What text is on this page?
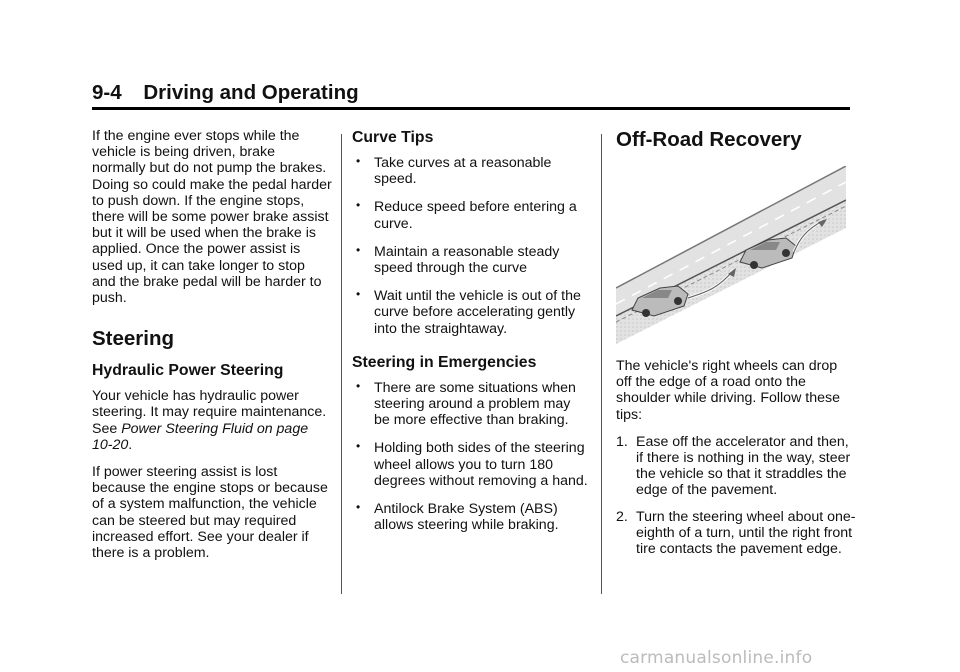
9-4 Driving and Operating

If the engine ever stops while the vehicle is being driven, brake normally but do not pump the brakes. Doing so could make the pedal harder to push down. If the engine stops, there will be some power brake assist but it will be used when the brake is applied. Once the power assist is used up, it can take longer to stop and the brake pedal will be harder to push.

Steering
Hydraulic Power Steering

Your vehicle has hydraulic power steering. It may require maintenance. See Power Steering Fluid on page 10-20.

If power steering assist is lost because the engine stops or because of a system malfunction, the vehicle can be steered but may required increased effort. See your dealer if there is a problem.

Curve Tips
• Take curves at a reasonable speed.
• Reduce speed before entering a curve.
• Maintain a reasonable steady speed through the curve
• Wait until the vehicle is out of the curve before accelerating gently into the straightaway.
Steering in Emergencies
• There are some situations when steering around a problem may be more effective than braking.
• Holding both sides of the steering wheel allows you to turn 180 degrees without removing a hand.
• Antilock Brake System (ABS) allows steering while braking.
Off-Road Recovery

The vehicle's right wheels can drop off the edge of a road onto the shoulder while driving. Follow these tips:

1. Ease off the accelerator and then, if there is nothing in the way, steer the vehicle so that it straddles the edge of the pavement.
2. Turn the steering wheel about one-eighth of a turn, until the right front tire contacts the pavement edge.
carmanualsonline.info
